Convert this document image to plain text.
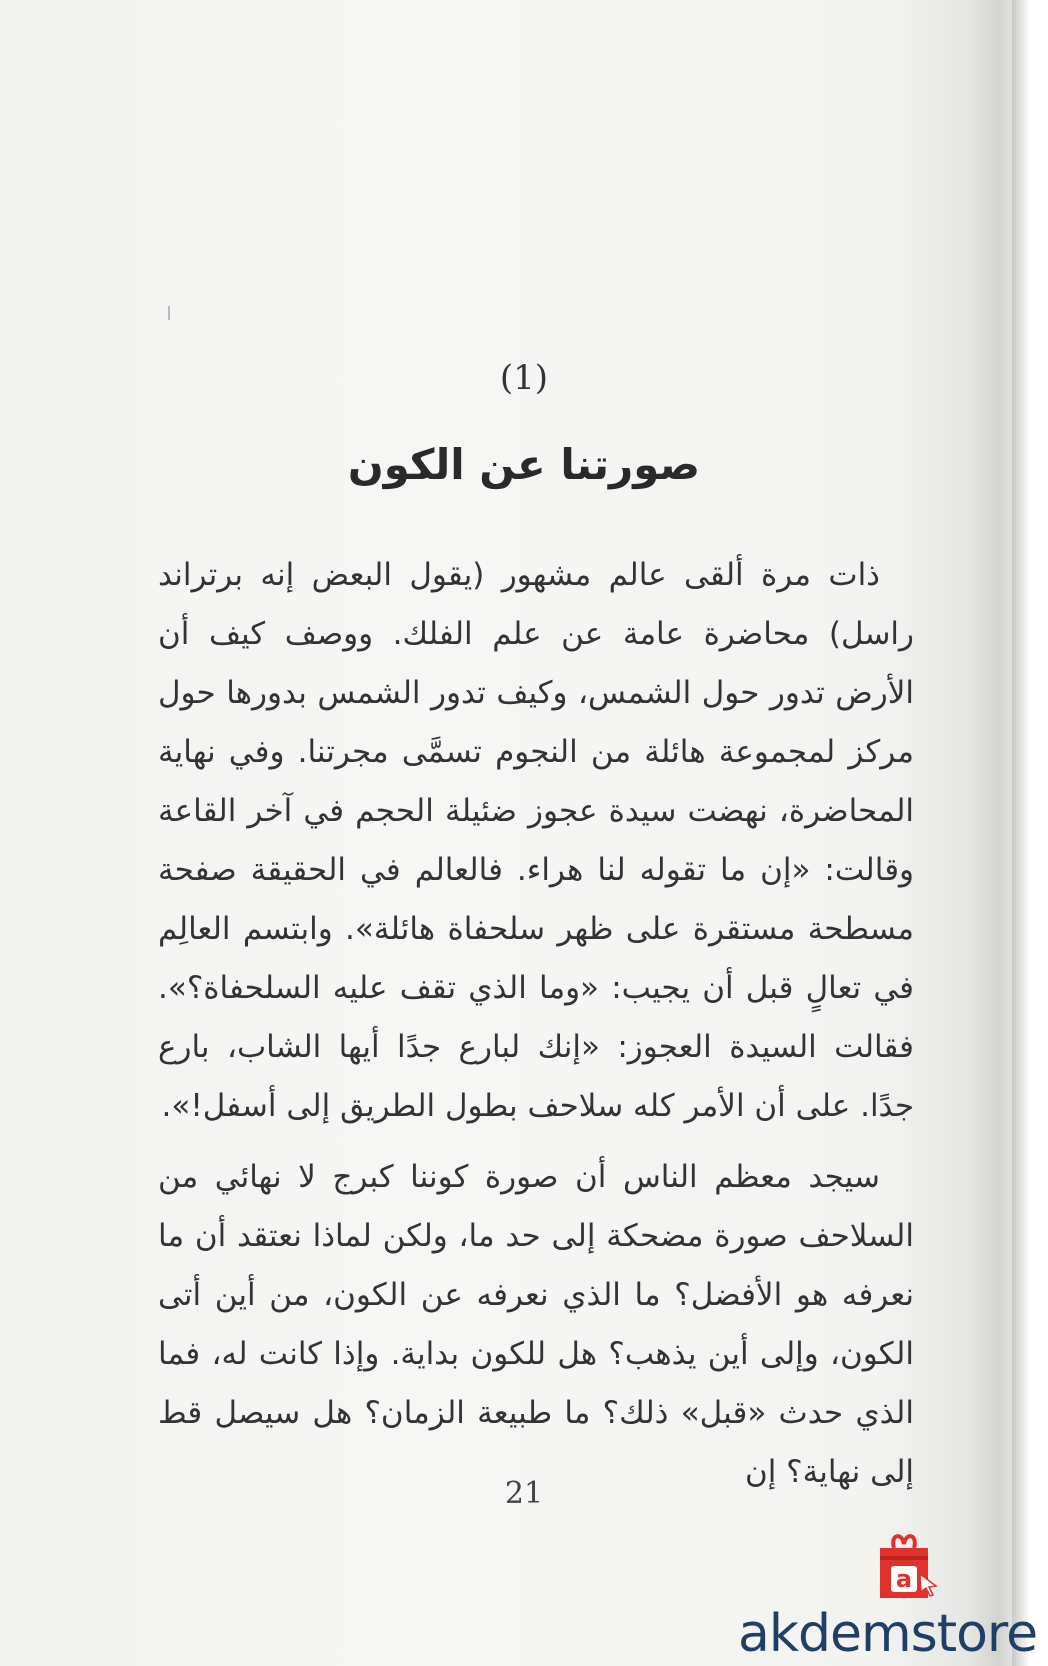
(1)
صورتنا عن الكون

ذات مرة ألقى عالم مشهور (يقول البعض إنه برتراند راسل) محاضرة عامة عن علم الفلك. ووصف كيف أن الأرض تدور حول الشمس، وكيف تدور الشمس بدورها حول مركز لمجموعة هائلة من النجوم تسمَّى مجرتنا. وفي نهاية المحاضرة، نهضت سيدة عجوز ضئيلة الحجم في آخر القاعة وقالت: «إن ما تقوله لنا هراء. فالعالم في الحقيقة صفحة مسطحة مستقرة على ظهر سلحفاة هائلة». وابتسم العالِم في تعالٍ قبل أن يجيب: «وما الذي تقف عليه السلحفاة؟». فقالت السيدة العجوز: «إنك لبارع جدًا أيها الشاب، بارع جدًا. على أن الأمر كله سلاحف بطول الطريق إلى أسفل!».

سيجد معظم الناس أن صورة كوننا كبرج لا نهائي من السلاحف صورة مضحكة إلى حد ما، ولكن لماذا نعتقد أن ما نعرفه هو الأفضل؟ ما الذي نعرفه عن الكون، من أين أتى الكون، وإلى أين يذهب؟ هل للكون بداية. وإذا كانت له، فما الذي حدث «قبل» ذلك؟ ما طبيعة الزمان؟ هل سيصل قط إلى نهاية؟ إن

21
a
akdemstore
